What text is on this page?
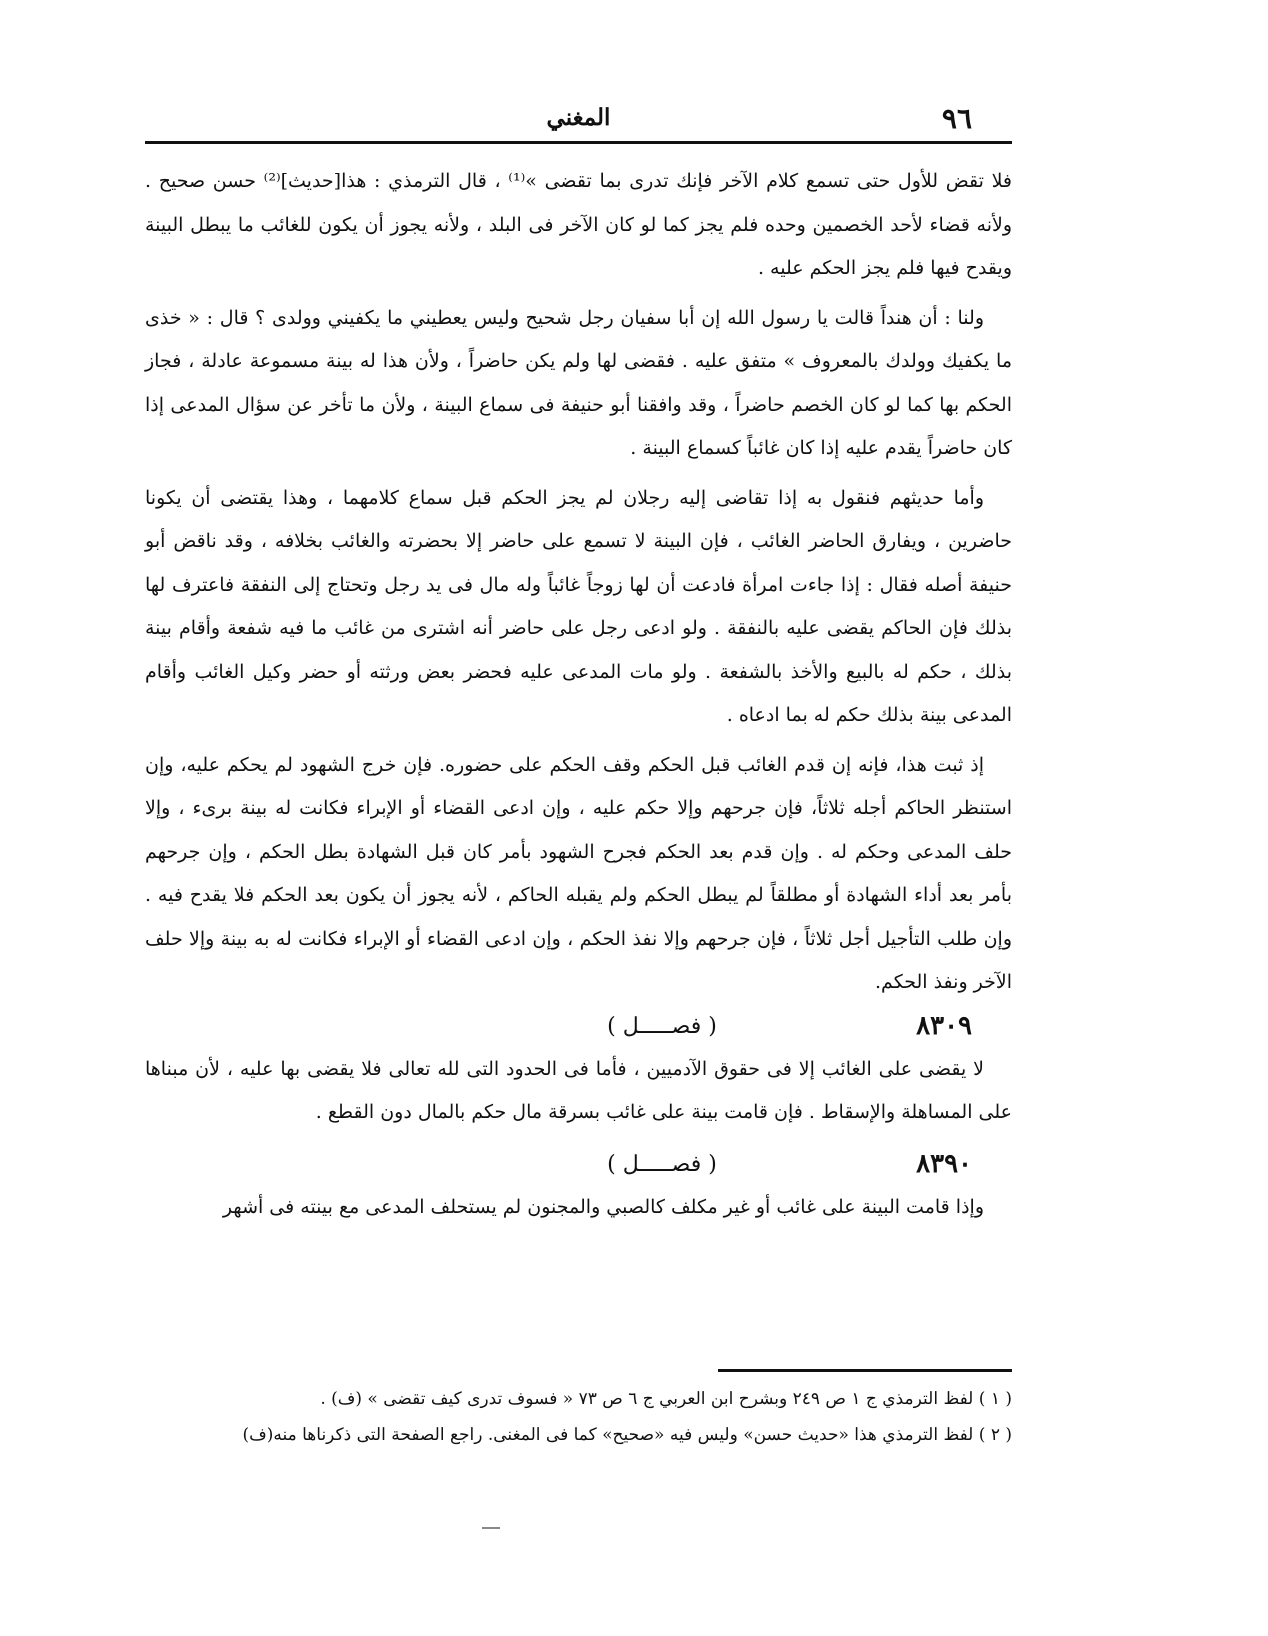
٩٦
المغني

فلا تقض للأول حتى تسمع كلام الآخر فإنك تدرى بما تقضى »⁽¹⁾ ، قال الترمذي : هذا[حديث]⁽²⁾ حسن صحيح . ولأنه قضاء لأحد الخصمين وحده فلم يجز كما لو كان الآخر فى البلد ، ولأنه يجوز أن يكون للغائب ما يبطل البينة ويقدح فيها فلم يجز الحكم عليه .

ولنا : أن هنداً قالت يا رسول الله إن أبا سفيان رجل شحيح وليس يعطيني ما يكفيني وولدى ؟ قال : « خذى ما يكفيك وولدك بالمعروف » متفق عليه . فقضى لها ولم يكن حاضراً ، ولأن هذا له بينة مسموعة عادلة ، فجاز الحكم بها كما لو كان الخصم حاضراً ، وقد وافقنا أبو حنيفة فى سماع البينة ، ولأن ما تأخر عن سؤال المدعى إذا كان حاضراً يقدم عليه إذا كان غائباً كسماع البينة .

وأما حديثهم فنقول به إذا تقاضى إليه رجلان لم يجز الحكم قبل سماع كلامهما ، وهذا يقتضى أن يكونا حاضرين ، ويفارق الحاضر الغائب ، فإن البينة لا تسمع على حاضر إلا بحضرته والغائب بخلافه ، وقد ناقض أبو حنيفة أصله فقال : إذا جاءت امرأة فادعت أن لها زوجاً غائباً وله مال فى يد رجل وتحتاج إلى النفقة فاعترف لها بذلك فإن الحاكم يقضى عليه بالنفقة . ولو ادعى رجل على حاضر أنه اشترى من غائب ما فيه شفعة وأقام بينة بذلك ، حكم له بالبيع والأخذ بالشفعة . ولو مات المدعى عليه فحضر بعض ورثته أو حضر وكيل الغائب وأقام المدعى بينة بذلك حكم له بما ادعاه .

إذ ثبت هذا، فإنه إن قدم الغائب قبل الحكم وقف الحكم على حضوره. فإن خرج الشهود لم يحكم عليه، وإن استنظر الحاكم أجله ثلاثاً، فإن جرحهم وإلا حكم عليه ، وإن ادعى القضاء أو الإبراء فكانت له بينة برىء ، وإلا حلف المدعى وحكم له . وإن قدم بعد الحكم فجرح الشهود بأمر كان قبل الشهادة بطل الحكم ، وإن جرحهم بأمر بعد أداء الشهادة أو مطلقاً لم يبطل الحكم ولم يقبله الحاكم ، لأنه يجوز أن يكون بعد الحكم فلا يقدح فيه . وإن طلب التأجيل أجل ثلاثاً ، فإن جرحهم وإلا نفذ الحكم ، وإن ادعى القضاء أو الإبراء فكانت له به بينة وإلا حلف الآخر ونفذ الحكم.

٨٣٠٩
( فصـــــل )

لا يقضى على الغائب إلا فى حقوق الآدميين ، فأما فى الحدود التى لله تعالى فلا يقضى بها عليه ، لأن مبناها على المساهلة والإسقاط . فإن قامت بينة على غائب بسرقة مال حكم بالمال دون القطع .

٨٣٩٠
( فصـــــل )

وإذا قامت البينة على غائب أو غير مكلف كالصبي والمجنون لم يستحلف المدعى مع بينته فى أشهر

( ١ ) لفظ الترمذي ج ١ ص ٢٤٩ وبشرح ابن العربي ج ٦ ص ٧٣ « فسوف تدرى كيف تقضى » (ف) .

( ٢ ) لفظ الترمذي هذا «حديث حسن» وليس فيه «صحيح» كما فى المغنى. راجع الصفحة التى ذكرناها منه(ف)
